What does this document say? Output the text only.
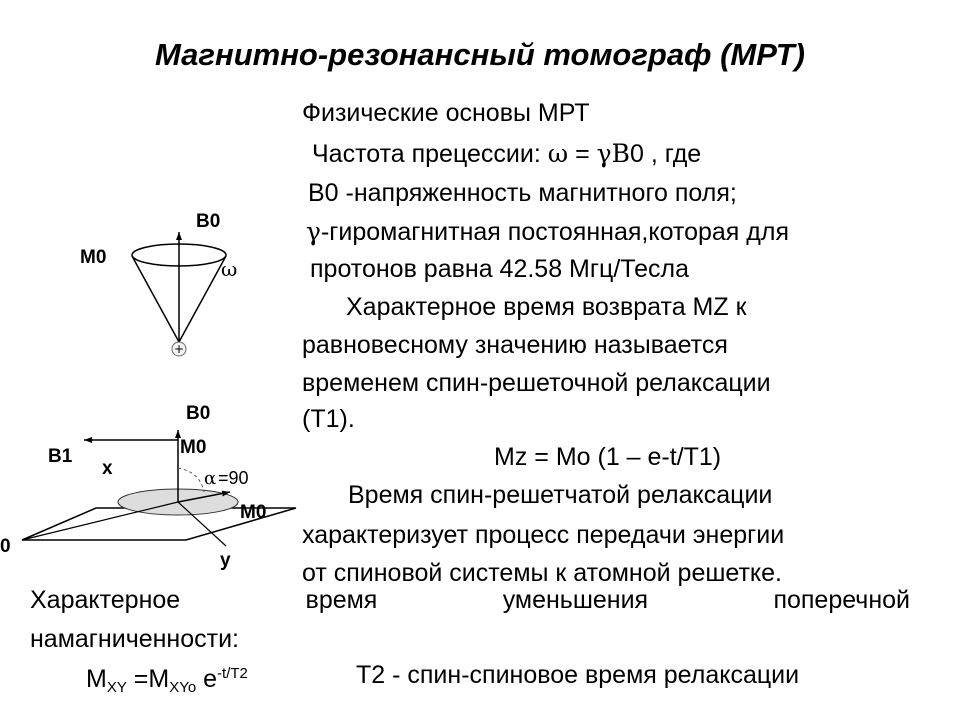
Магнитно-резонансный томограф (МРТ)
Физические основы МРТ
Частота прецессии: ω = γB0 , где
B0 -напряженность магнитного поля;
γ-гиромагнитная постоянная,которая для
протонов равна 42.58 Мгц/Тесла
Характерное время возврата MZ к
равновесному значению называется
временем спин-решеточной релаксации
(T1).
Mz = Mo (1 – e-t/T1)
Время спин-решетчатой релаксации
характеризует процесс передачи энергии
от спиновой системы к атомной решетке.
Характерное	время	уменьшения	поперечной
намагниченности:
$M_{XY} =M_{XYo}$ $e^{-t/T2}$	T2 - спин-спиновое время релаксации
+
B0
M0	ω
B0
M0
B1
x
y
0
M0
α =90
